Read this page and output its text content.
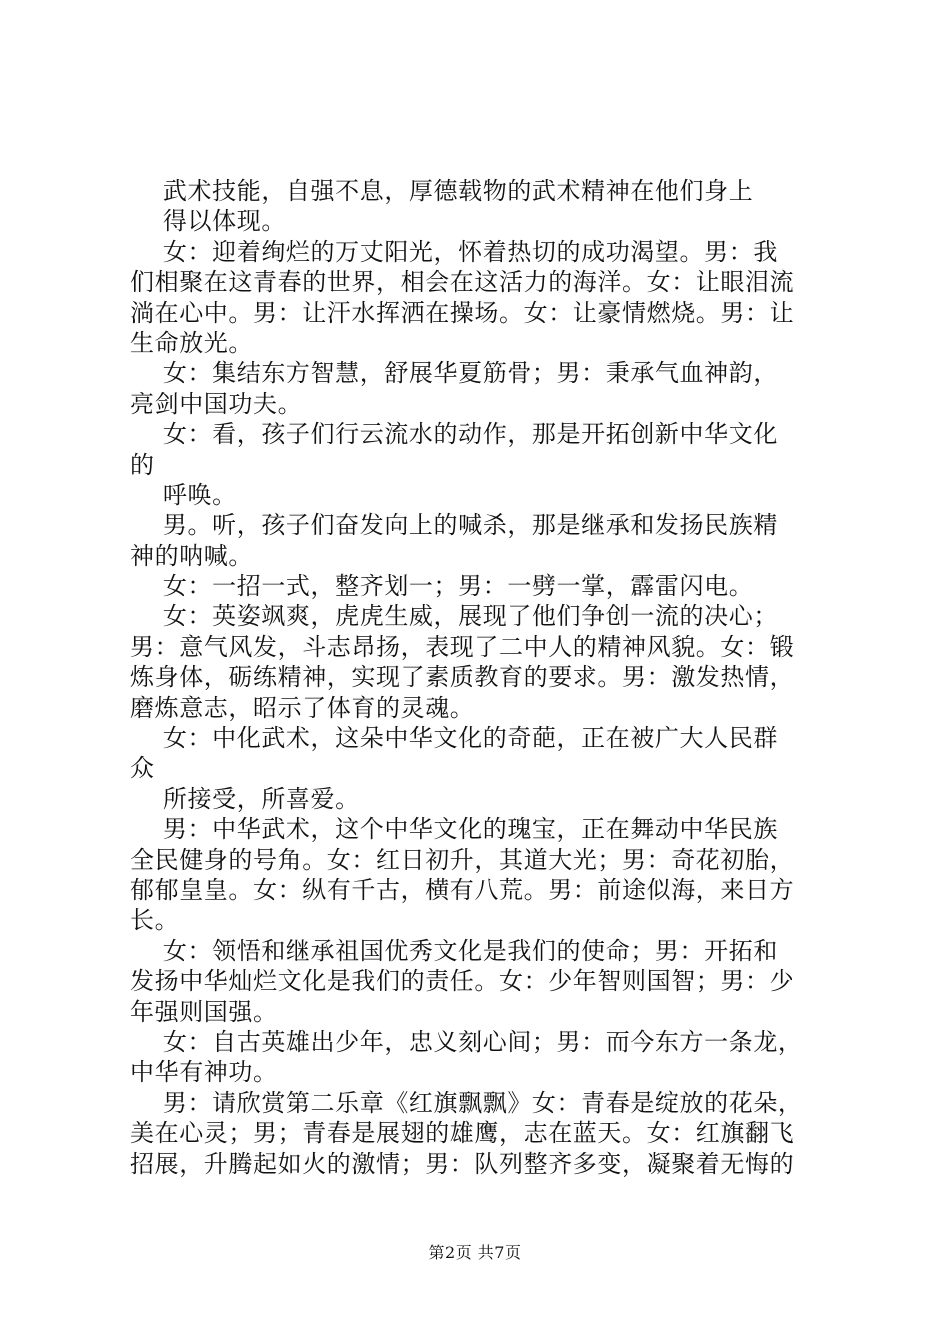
武术技能，自强不息，厚德载物的武术精神在他们身上
得以体现。
女：迎着绚烂的万丈阳光，怀着热切的成功渴望。男：我
们相聚在这青春的世界，相会在这活力的海洋。女：让眼泪流
淌在心中。男：让汗水挥洒在操场。女：让豪情燃烧。男：让
生命放光。
女：集结东方智慧，舒展华夏筋骨；男：秉承气血神韵，
亮剑中国功夫。
女：看，孩子们行云流水的动作，那是开拓创新中华文化
的
呼唤。
男。听，孩子们奋发向上的喊杀，那是继承和发扬民族精
神的呐喊。
女：一招一式，整齐划一；男：一劈一掌，霹雷闪电。
女：英姿飒爽，虎虎生威，展现了他们争创一流的决心；
男：意气风发，斗志昂扬，表现了二中人的精神风貌。女：锻
炼身体，砺练精神，实现了素质教育的要求。男：激发热情，
磨炼意志，昭示了体育的灵魂。
女：中化武术，这朵中华文化的奇葩，正在被广大人民群
众
所接受，所喜爱。
男：中华武术，这个中华文化的瑰宝，正在舞动中华民族
全民健身的号角。女：红日初升，其道大光；男：奇花初胎，
郁郁皇皇。女：纵有千古，横有八荒。男：前途似海，来日方
长。
女：领悟和继承祖国优秀文化是我们的使命；男：开拓和
发扬中华灿烂文化是我们的责任。女：少年智则国智；男：少
年强则国强。
女：自古英雄出少年，忠义刻心间；男：而今东方一条龙，
中华有神功。
男：请欣赏第二乐章《红旗飘飘》女：青春是绽放的花朵，
美在心灵；男；青春是展翅的雄鹰，志在蓝天。女：红旗翻飞
招展，升腾起如火的激情；男：队列整齐多变，凝聚着无悔的
第2页 共7页
